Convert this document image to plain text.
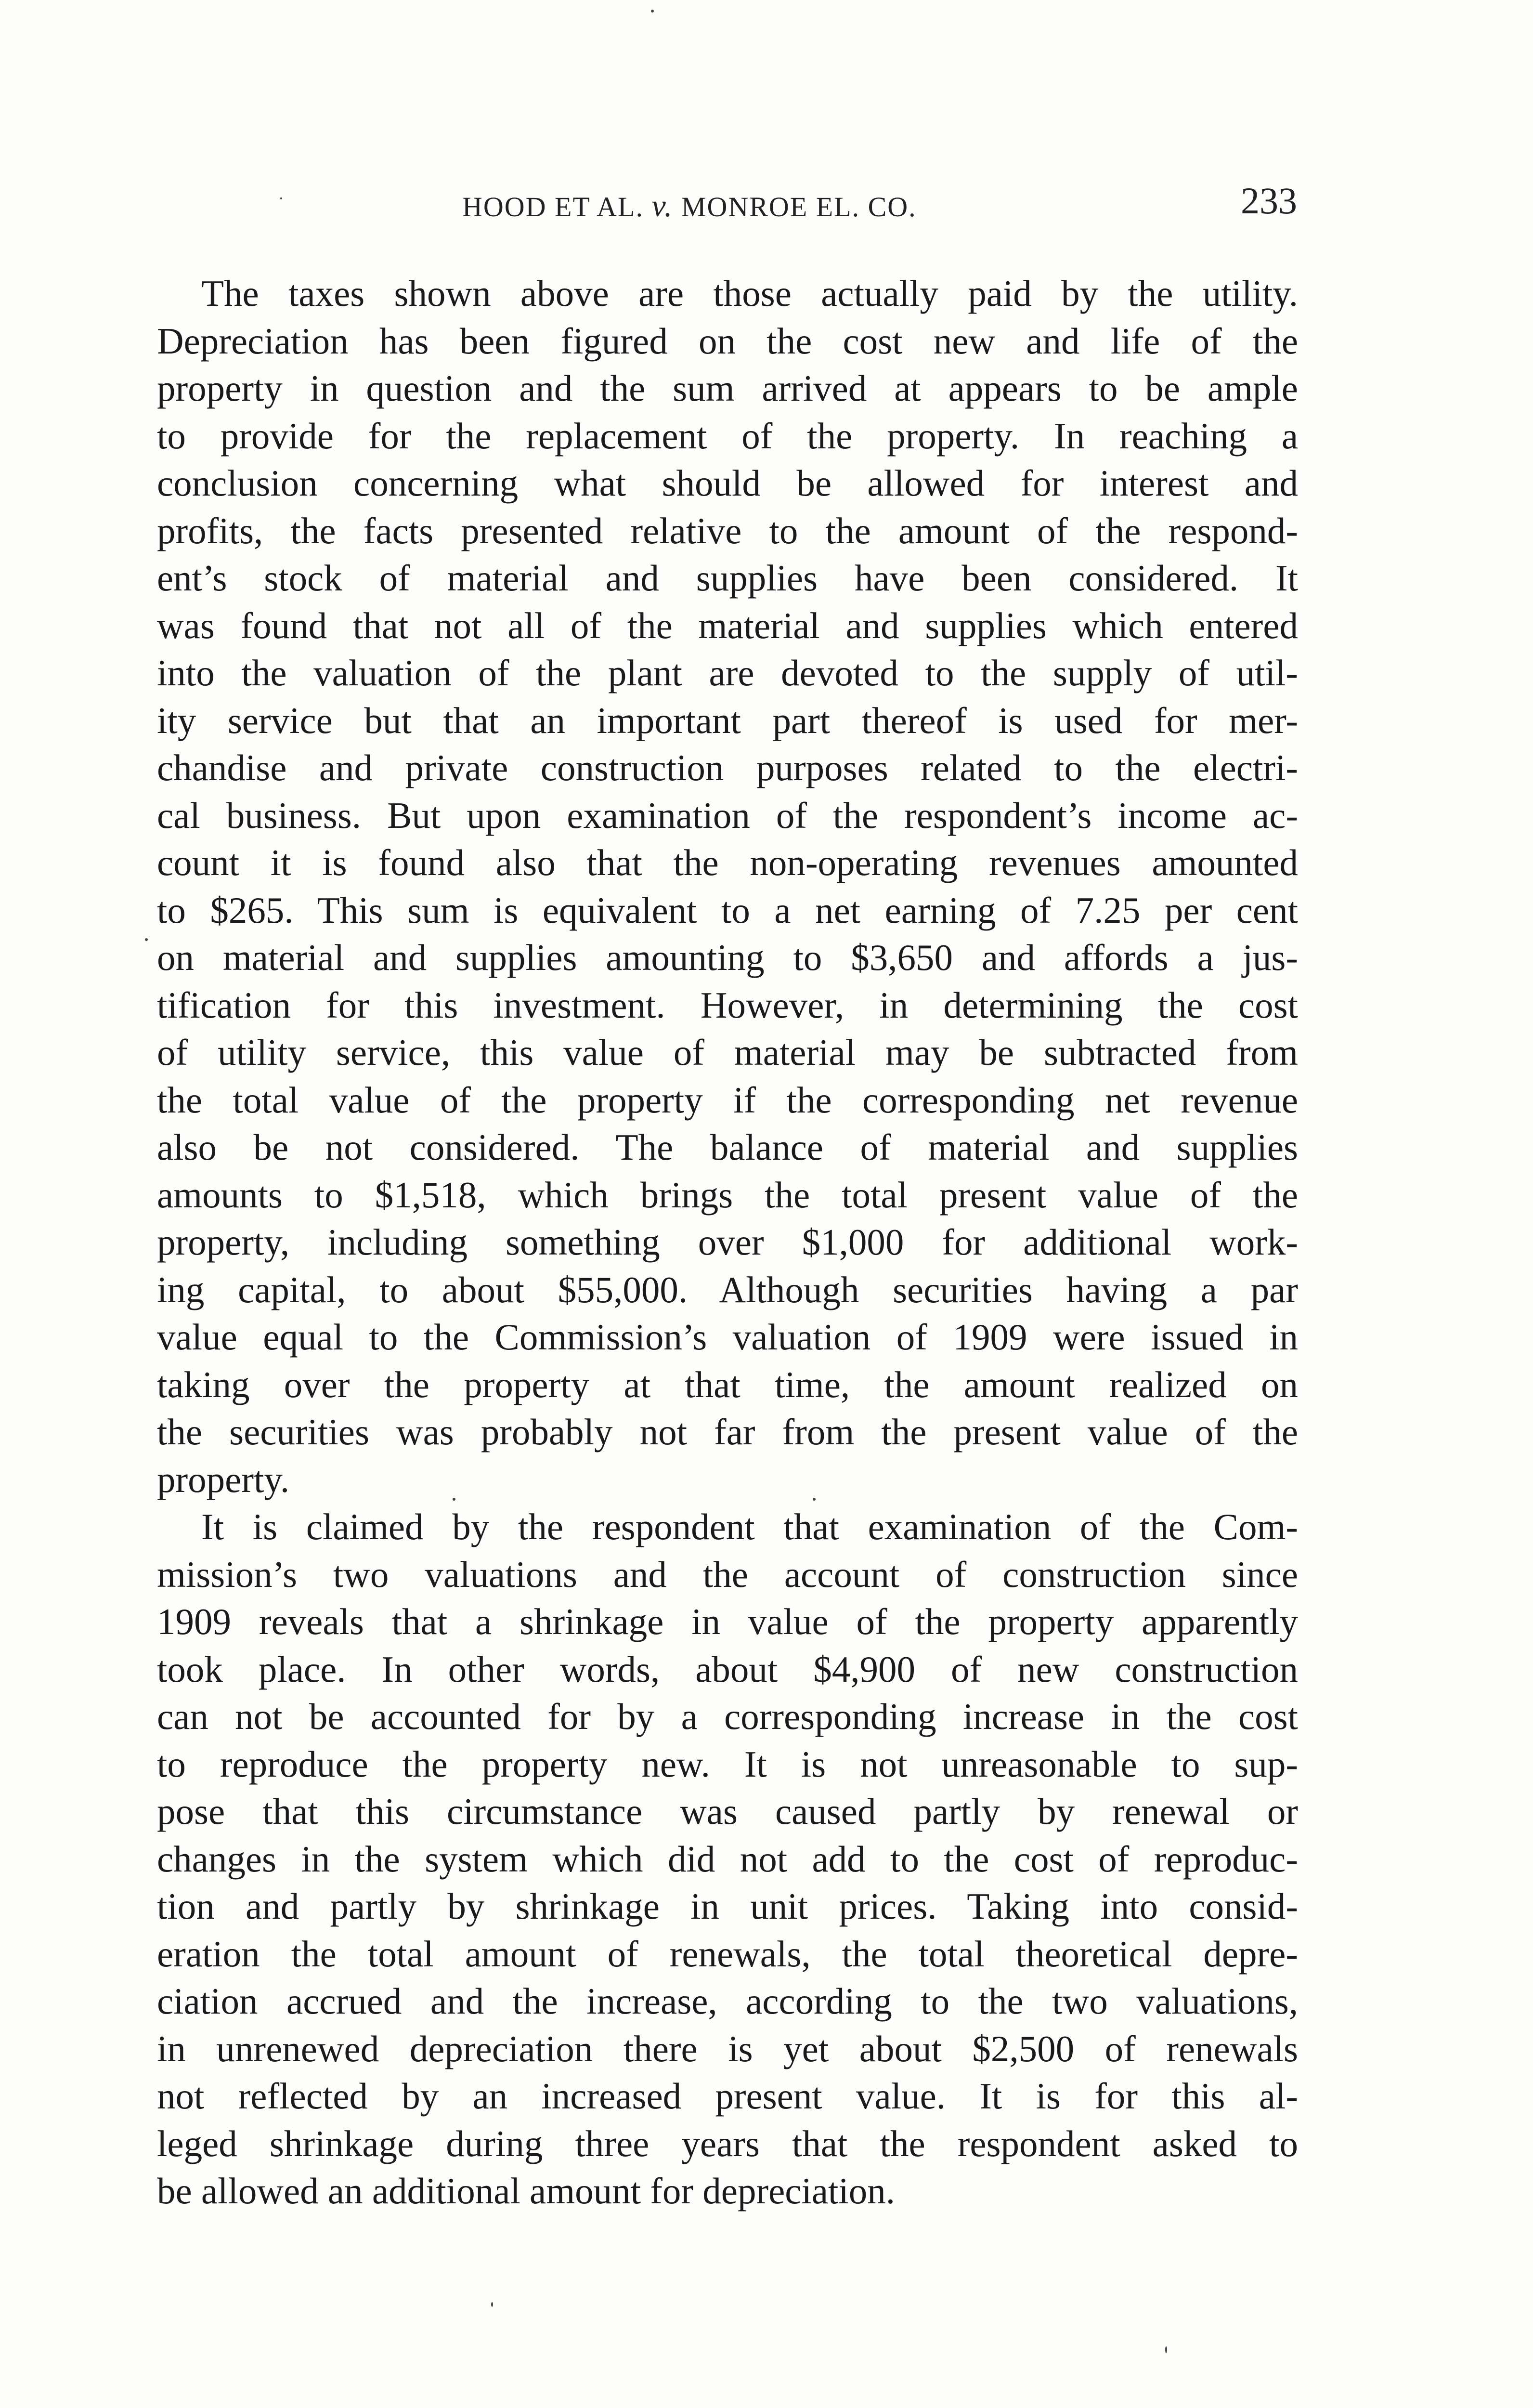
HOOD ET AL. v. MONROE EL. CO.	233
The taxes shown above are those actually paid by the utility.
Depreciation has been figured on the cost new and life of the
property in question and the sum arrived at appears to be ample
to provide for the replacement of the property. In reaching a
conclusion concerning what should be allowed for interest and
profits, the facts presented relative to the amount of the respond-
ent’s stock of material and supplies have been considered. It
was found that not all of the material and supplies which entered
into the valuation of the plant are devoted to the supply of util-
ity service but that an important part thereof is used for mer-
chandise and private construction purposes related to the electri-
cal business. But upon examination of the respondent’s income ac-
count it is found also that the non-operating revenues amounted
to $265. This sum is equivalent to a net earning of 7.25 per cent
on material and supplies amounting to $3,650 and affords a jus-
tification for this investment. However, in determining the cost
of utility service, this value of material may be subtracted from
the total value of the property if the corresponding net revenue
also be not considered. The balance of material and supplies
amounts to $1,518, which brings the total present value of the
property, including something over $1,000 for additional work-
ing capital, to about $55,000. Although securities having a par
value equal to the Commission’s valuation of 1909 were issued in
taking over the property at that time, the amount realized on
the securities was probably not far from the present value of the
property.
It is claimed by the respondent that examination of the Com-
mission’s two valuations and the account of construction since
1909 reveals that a shrinkage in value of the property apparently
took place. In other words, about $4,900 of new construction
can not be accounted for by a corresponding increase in the cost
to reproduce the property new. It is not unreasonable to sup-
pose that this circumstance was caused partly by renewal or
changes in the system which did not add to the cost of reproduc-
tion and partly by shrinkage in unit prices. Taking into consid-
eration the total amount of renewals, the total theoretical depre-
ciation accrued and the increase, according to the two valuations,
in unrenewed depreciation there is yet about $2,500 of renewals
not reflected by an increased present value. It is for this al-
leged shrinkage during three years that the respondent asked to
be allowed an additional amount for depreciation.
